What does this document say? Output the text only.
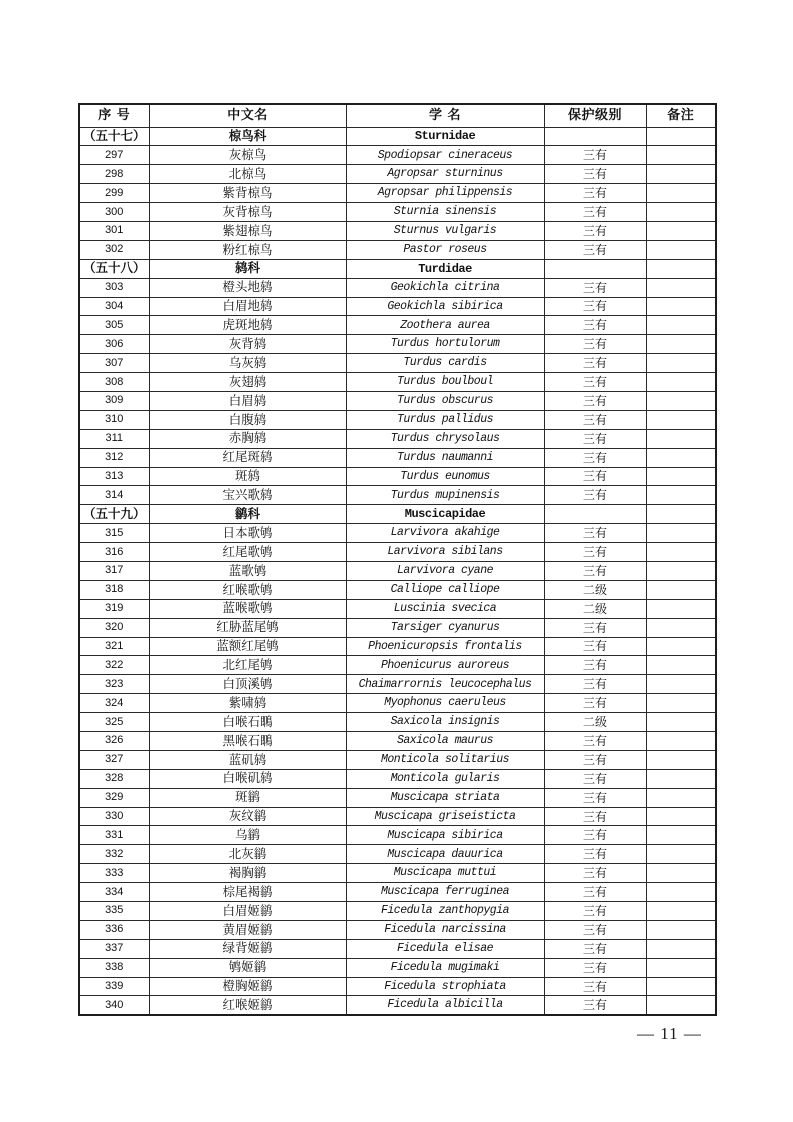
序 号	中文名	学 名	保护级别	备注
（五十七）	椋鸟科	Sturnidae		
297	灰椋鸟	Spodiopsar cineraceus	三有	
298	北椋鸟	Agropsar sturninus	三有	
299	紫背椋鸟	Agropsar philippensis	三有	
300	灰背椋鸟	Sturnia sinensis	三有	
301	紫翅椋鸟	Sturnus vulgaris	三有	
302	粉红椋鸟	Pastor roseus	三有	
（五十八）	鸫科	Turdidae		
303	橙头地鸫	Geokichla citrina	三有	
304	白眉地鸫	Geokichla sibirica	三有	
305	虎斑地鸫	Zoothera aurea	三有	
306	灰背鸫	Turdus hortulorum	三有	
307	乌灰鸫	Turdus cardis	三有	
308	灰翅鸫	Turdus boulboul	三有	
309	白眉鸫	Turdus obscurus	三有	
310	白腹鸫	Turdus pallidus	三有	
311	赤胸鸫	Turdus chrysolaus	三有	
312	红尾斑鸫	Turdus naumanni	三有	
313	斑鸫	Turdus eunomus	三有	
314	宝兴歌鸫	Turdus mupinensis	三有	
（五十九）	鹟科	Muscicapidae		
315	日本歌鸲	Larvivora akahige	三有	
316	红尾歌鸲	Larvivora sibilans	三有	
317	蓝歌鸲	Larvivora cyane	三有	
318	红喉歌鸲	Calliope calliope	二级	
319	蓝喉歌鸲	Luscinia svecica	二级	
320	红胁蓝尾鸲	Tarsiger cyanurus	三有	
321	蓝额红尾鸲	Phoenicuropsis frontalis	三有	
322	北红尾鸲	Phoenicurus auroreus	三有	
323	白顶溪鸲	Chaimarrornis leucocephalus	三有	
324	紫啸鸫	Myophonus caeruleus	三有	
325	白喉石䳭	Saxicola insignis	二级	
326	黑喉石䳭	Saxicola maurus	三有	
327	蓝矶鸫	Monticola solitarius	三有	
328	白喉矶鸫	Monticola gularis	三有	
329	斑鹟	Muscicapa striata	三有	
330	灰纹鹟	Muscicapa griseisticta	三有	
331	乌鹟	Muscicapa sibirica	三有	
332	北灰鹟	Muscicapa dauurica	三有	
333	褐胸鹟	Muscicapa muttui	三有	
334	棕尾褐鹟	Muscicapa ferruginea	三有	
335	白眉姬鹟	Ficedula zanthopygia	三有	
336	黄眉姬鹟	Ficedula narcissina	三有	
337	绿背姬鹟	Ficedula elisae	三有	
338	鸲姬鹟	Ficedula mugimaki	三有	
339	橙胸姬鹟	Ficedula strophiata	三有	
340	红喉姬鹟	Ficedula albicilla	三有	
— 11 —
